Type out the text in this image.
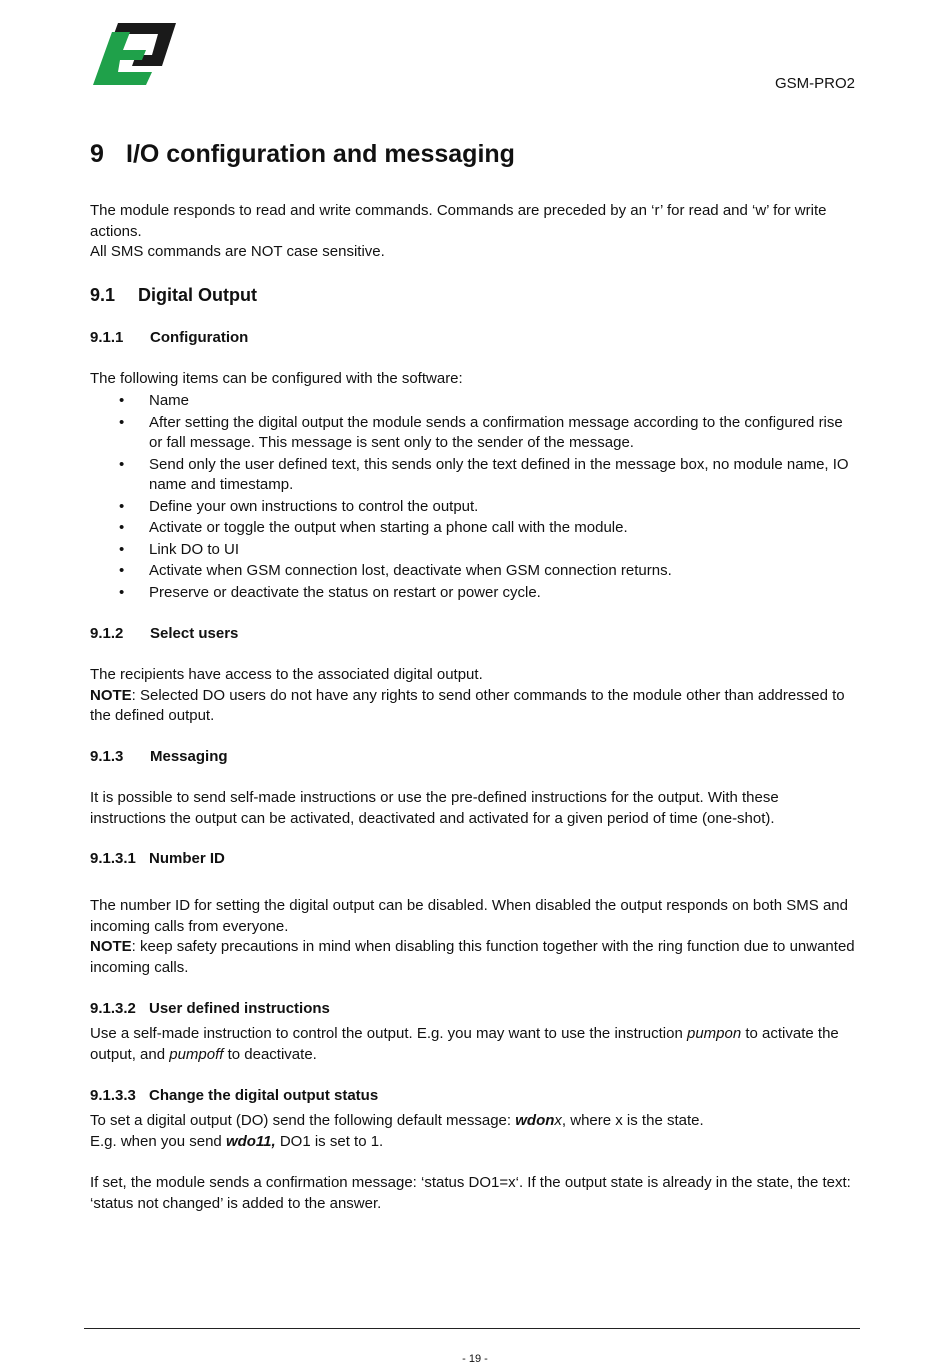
GSM-PRO2
9 I/O configuration and messaging

The module responds to read and write commands. Commands are preceded by an ‘r’ for read and ‘w’ for write actions.
All SMS commands are NOT case sensitive.

9.1 Digital Output
9.1.1 Configuration

The following items can be configured with the software:

• Name
• After setting the digital output the module sends a confirmation message according to the configured rise or fall message. This message is sent only to the sender of the message.
• Send only the user defined text, this sends only the text defined in the message box, no module name, IO name and timestamp.
• Define your own instructions to control the output.
• Activate or toggle the output when starting a phone call with the module.
• Link DO to UI
• Activate when GSM connection lost, deactivate when GSM connection returns.
• Preserve or deactivate the status on restart or power cycle.
9.1.2 Select users

The recipients have access to the associated digital output.
NOTE: Selected DO users do not have any rights to send other commands to the module other than addressed to the defined output.

9.1.3 Messaging

It is possible to send self-made instructions or use the pre-defined instructions for the output. With these instructions the output can be activated, deactivated and activated for a given period of time (one-shot).

9.1.3.1 Number ID

The number ID for setting the digital output can be disabled. When disabled the output responds on both SMS and incoming calls from everyone.
NOTE: keep safety precautions in mind when disabling this function together with the ring function due to unwanted incoming calls.

9.1.3.2 User defined instructions

Use a self-made instruction to control the output. E.g. you may want to use the instruction pumpon to activate the output, and pumpoff to deactivate.

9.1.3.3 Change the digital output status

To set a digital output (DO) send the following default message: wdonx, where x is the state.
E.g. when you send wdo11, DO1 is set to 1.

If set, the module sends a confirmation message: ‘status DO1=x‘. If the output state is already in the state, the text: ‘status not changed’ is added to the answer.

- 19 -
